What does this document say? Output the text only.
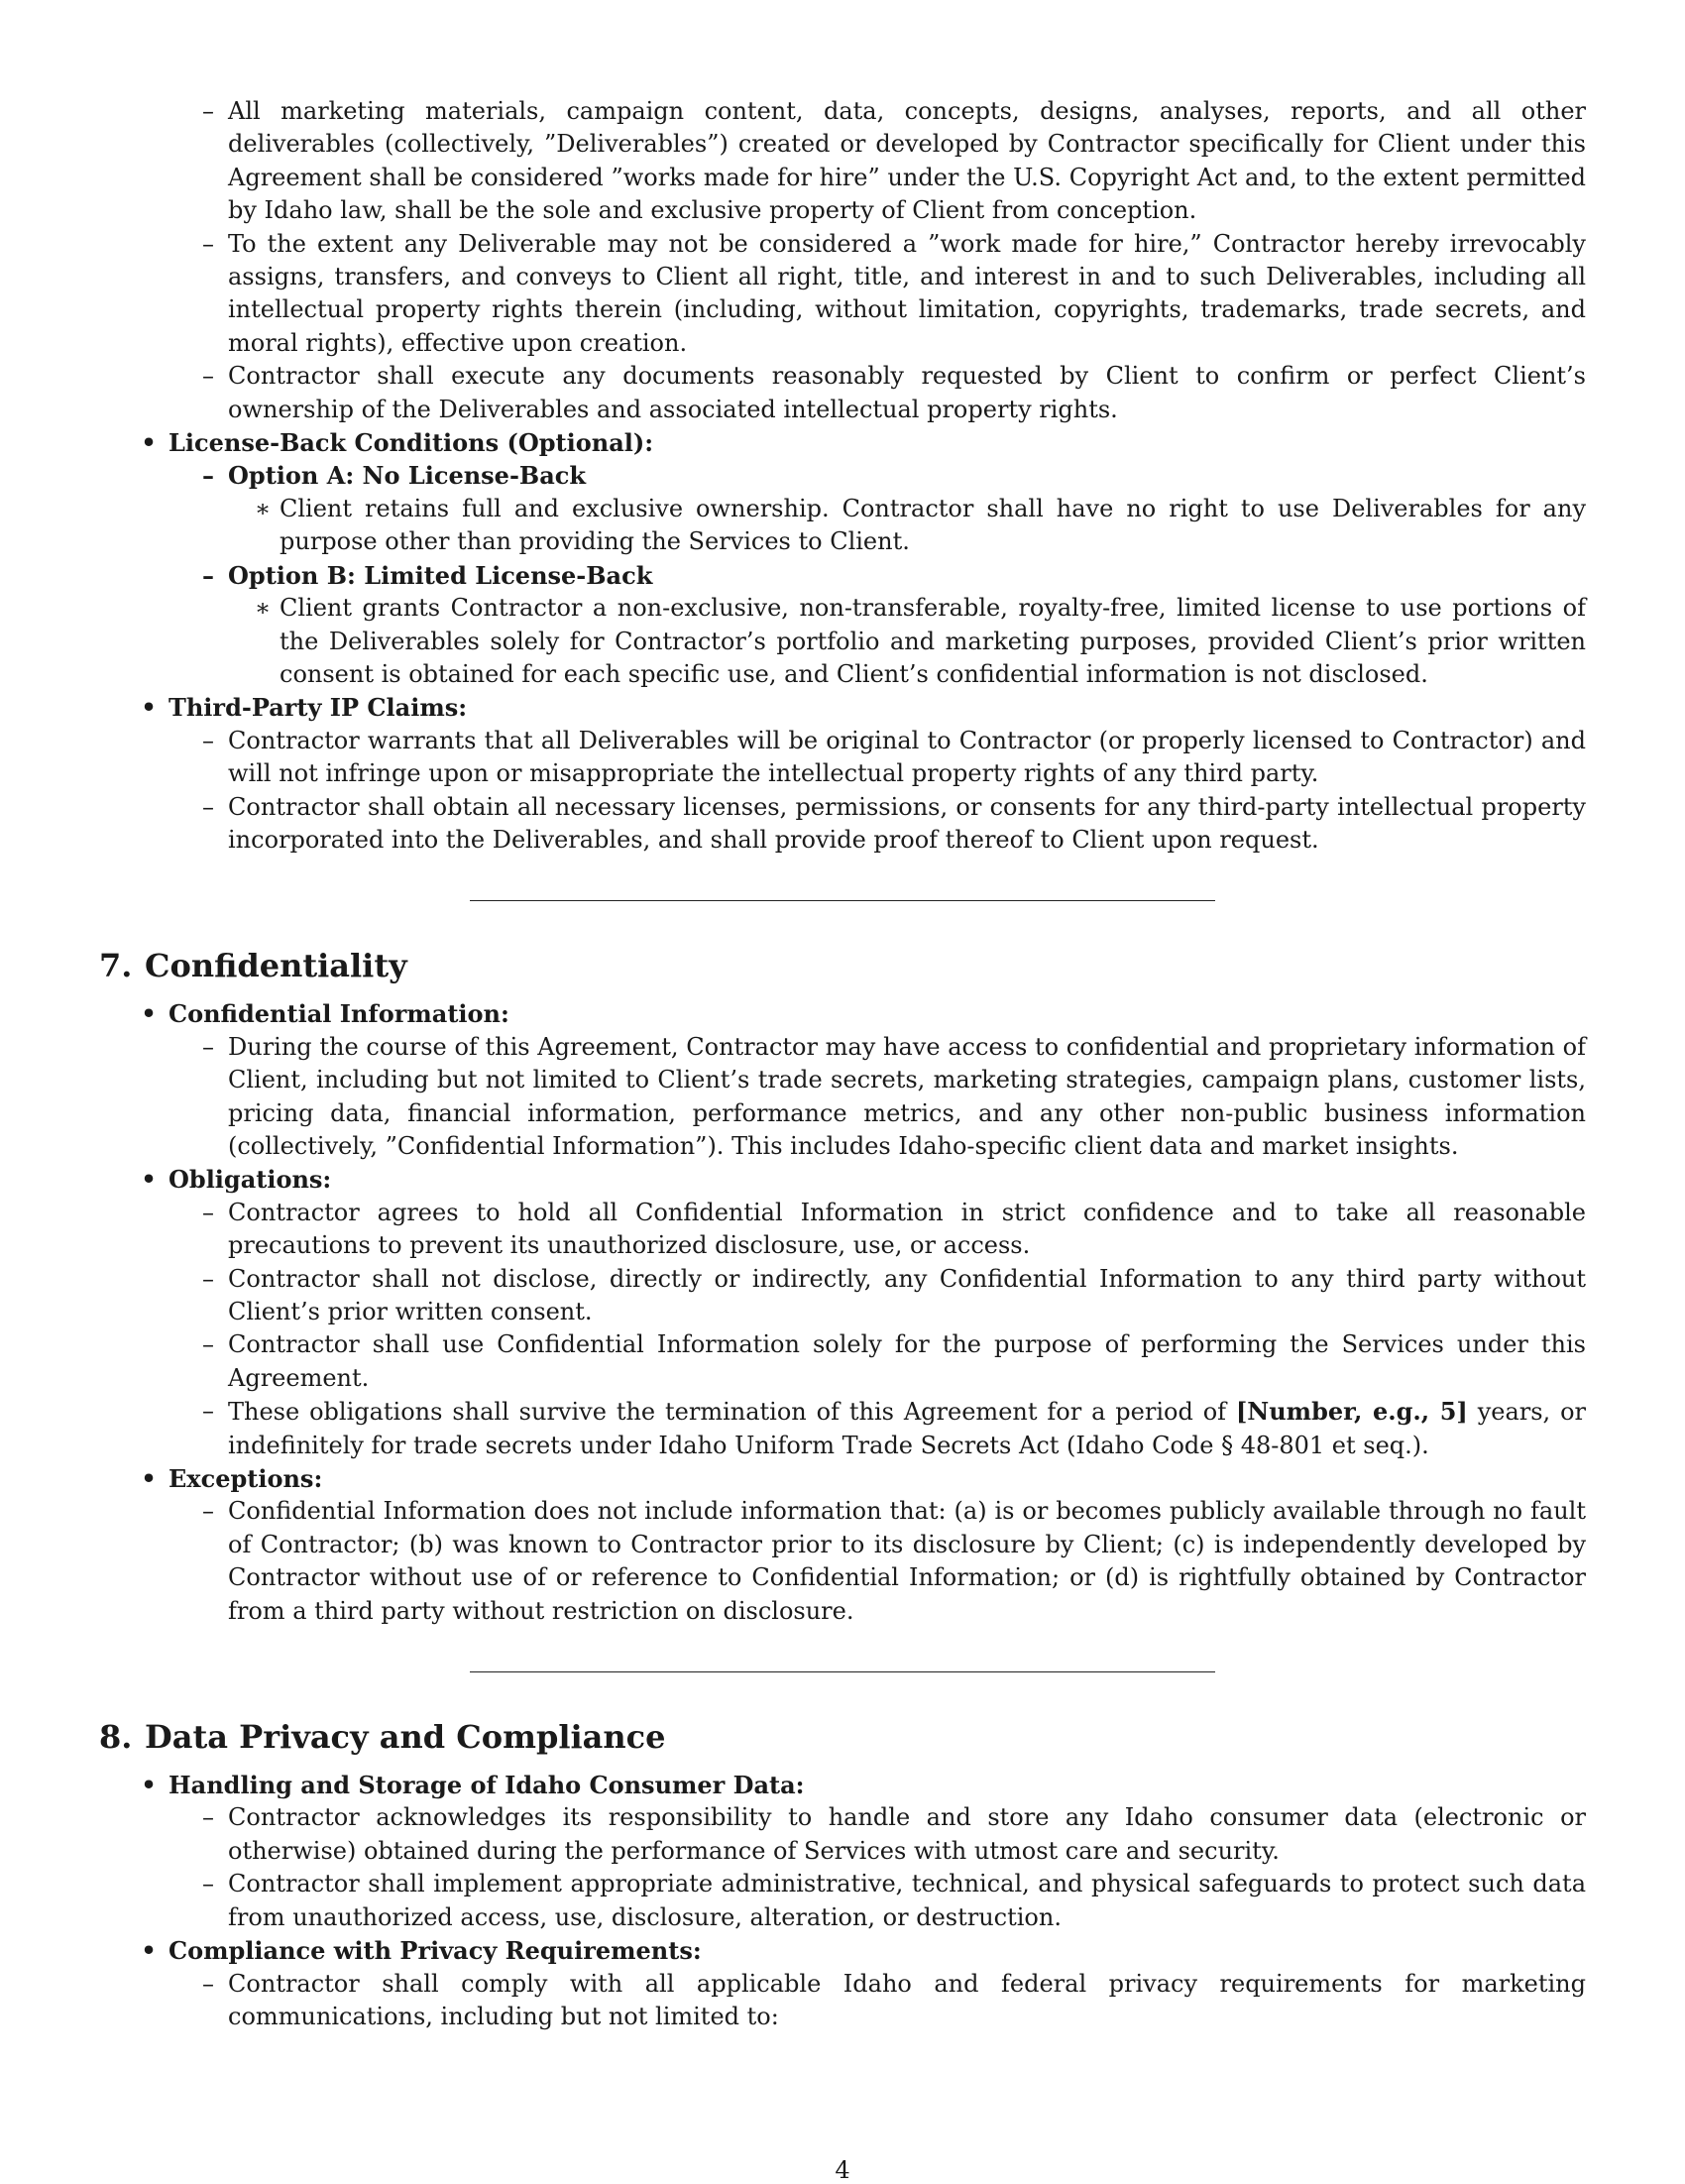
– All marketing materials, campaign content, data, concepts, designs, analyses, reports, and all other deliverables (collectively, ”Deliverables”) created or developed by Contractor specifically for Client under this Agreement shall be considered ”works made for hire” under the U.S. Copyright Act and, to the extent permitted by Idaho law, shall be the sole and exclusive property of Client from conception.

– To the extent any Deliverable may not be considered a ”work made for hire,” Contractor hereby irrevocably assigns, transfers, and conveys to Client all right, title, and interest in and to such Deliverables, including all intellectual property rights therein (including, without limitation, copyrights, trademarks, trade secrets, and moral rights), effective upon creation.

– Contractor shall execute any documents reasonably requested by Client to confirm or perfect Client’s ownership of the Deliverables and associated intellectual property rights.

• License-Back Conditions (Optional):

– Option A: No License-Back

∗ Client retains full and exclusive ownership. Contractor shall have no right to use Deliverables for any purpose other than providing the Services to Client.

– Option B: Limited License-Back

∗ Client grants Contractor a non-exclusive, non-transferable, royalty-free, limited license to use portions of the Deliverables solely for Contractor’s portfolio and marketing purposes, provided Client’s prior written consent is obtained for each specific use, and Client’s confidential information is not disclosed.

• Third-Party IP Claims:

– Contractor warrants that all Deliverables will be original to Contractor (or properly licensed to Contractor) and will not infringe upon or misappropriate the intellectual property rights of any third party.

– Contractor shall obtain all necessary licenses, permissions, or consents for any third-party intellectual property incorporated into the Deliverables, and shall provide proof thereof to Client upon request.

7. Confidentiality

• Confidential Information:

– During the course of this Agreement, Contractor may have access to confidential and proprietary information of Client, including but not limited to Client’s trade secrets, marketing strategies, campaign plans, customer lists, pricing data, financial information, performance metrics, and any other non-public business information (collectively, ”Confidential Information”). This includes Idaho-specific client data and market insights.

• Obligations:

– Contractor agrees to hold all Confidential Information in strict confidence and to take all reasonable precautions to prevent its unauthorized disclosure, use, or access.

– Contractor shall not disclose, directly or indirectly, any Confidential Information to any third party without Client’s prior written consent.

– Contractor shall use Confidential Information solely for the purpose of performing the Services under this Agreement.

– These obligations shall survive the termination of this Agreement for a period of [Number, e.g., 5] years, or indefinitely for trade secrets under Idaho Uniform Trade Secrets Act (Idaho Code § 48-801 et seq.).

• Exceptions:

– Confidential Information does not include information that: (a) is or becomes publicly available through no fault of Contractor; (b) was known to Contractor prior to its disclosure by Client; (c) is independently developed by Contractor without use of or reference to Confidential Information; or (d) is rightfully obtained by Contractor from a third party without restriction on disclosure.

8. Data Privacy and Compliance

• Handling and Storage of Idaho Consumer Data:

– Contractor acknowledges its responsibility to handle and store any Idaho consumer data (electronic or otherwise) obtained during the performance of Services with utmost care and security.

– Contractor shall implement appropriate administrative, technical, and physical safeguards to protect such data from unauthorized access, use, disclosure, alteration, or destruction.

• Compliance with Privacy Requirements:

– Contractor shall comply with all applicable Idaho and federal privacy requirements for marketing communications, including but not limited to:

4
